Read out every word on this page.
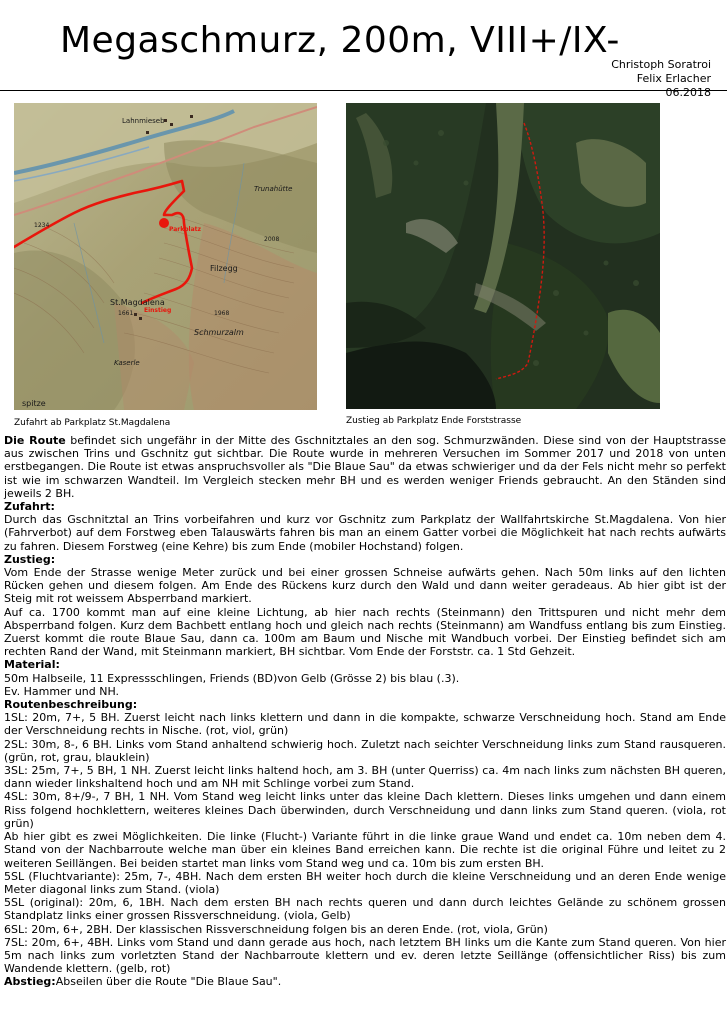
Megaschmurz, 200m, VIII+/IX-
Christoph Soratroi
Felix Erlacher
06.2018
Lahnmieseb
St.Magdalena
Filzegg
Schmurzalm
Kaserle
Trunahütte
spitze
1234
1661	1968
2008
Parkplatz
Einstieg
Zufahrt ab Parkplatz St.Magdalena	Zustieg ab Parkplatz Ende Forststrasse

Die Route befindet sich ungefähr in der Mitte des Gschnitztales an den sog. Schmurzwänden. Diese sind von der Hauptstrasse aus zwischen Trins und Gschnitz gut sichtbar. Die Route wurde in mehreren Versuchen im Sommer 2017 und 2018 von unten erstbegangen. Die Route ist etwas anspruchsvoller als "Die Blaue Sau" da etwas schwieriger und da der Fels nicht mehr so perfekt ist wie im schwarzen Wandteil. Im Vergleich stecken mehr BH und es werden weniger Friends gebraucht. An den Ständen sind jeweils 2 BH.

Zufahrt:

Durch das Gschnitztal an Trins vorbeifahren und kurz vor Gschnitz zum Parkplatz der Wallfahrtskirche St.Magdalena. Von hier (Fahrverbot) auf dem Forstweg eben Talauswärts fahren bis man an einem Gatter vorbei die Möglichkeit hat nach rechts aufwärts zu fahren. Diesem Forstweg (eine Kehre) bis zum Ende (mobiler Hochstand) folgen.

Zustieg:

Vom Ende der Strasse wenige Meter zurück und bei einer grossen Schneise aufwärts gehen. Nach 50m links auf den lichten Rücken gehen und diesem folgen. Am Ende des Rückens kurz durch den Wald und dann weiter geradeaus. Ab hier gibt ist der Steig mit rot weissem Absperrband markiert.

Auf ca. 1700 kommt man auf eine kleine Lichtung, ab hier nach rechts (Steinmann) den Trittspuren und nicht mehr dem Absperrband folgen. Kurz dem Bachbett entlang hoch und gleich nach rechts (Steinmann) am Wandfuss entlang bis zum Einstieg. Zuerst kommt die route Blaue Sau, dann ca. 100m am Baum und Nische mit Wandbuch vorbei. Der Einstieg befindet sich am rechten Rand der Wand, mit Steinmann markiert, BH sichtbar. Vom Ende der Forststr. ca. 1 Std Gehzeit.

Material:

50m Halbseile, 11 Expressschlingen, Friends (BD)von Gelb (Grösse 2) bis blau (.3).

Ev. Hammer und NH.

Routenbeschreibung:

1SL: 20m, 7+, 5 BH. Zuerst leicht nach links klettern und dann in die kompakte, schwarze Verschneidung hoch. Stand am Ende der Verschneidung rechts in Nische. (rot, viol, grün)

2SL: 30m, 8-, 6 BH. Links vom Stand anhaltend schwierig hoch. Zuletzt nach seichter Verschneidung links zum Stand rausqueren. (grün, rot, grau, blauklein)

3SL: 25m, 7+, 5 BH, 1 NH. Zuerst leicht links haltend hoch, am 3. BH (unter Querriss) ca. 4m nach links zum nächsten BH queren, dann wieder linkshaltend hoch und am NH mit Schlinge vorbei zum Stand.

4SL: 30m, 8+/9-, 7 BH, 1 NH. Vom Stand weg leicht links unter das kleine Dach klettern. Dieses links umgehen und dann einem Riss folgend hochklettern, weiteres kleines Dach überwinden, durch Verschneidung und dann links zum Stand queren. (viola, rot grün)

Ab hier gibt es zwei Möglichkeiten. Die linke (Flucht-) Variante führt in die linke graue Wand und endet ca. 10m neben dem 4. Stand von der Nachbarroute welche man über ein kleines Band erreichen kann. Die rechte ist die original Führe und leitet zu 2 weiteren Seillängen. Bei beiden startet man links vom Stand weg und ca. 10m bis zum ersten BH.

5SL (Fluchtvariante): 25m, 7-, 4BH. Nach dem ersten BH weiter hoch durch die kleine Verschneidung und an deren Ende wenige Meter diagonal links zum Stand. (viola)

5SL (original): 20m, 6, 1BH. Nach dem ersten BH nach rechts queren und dann durch leichtes Gelände zu schönem grossen Standplatz links einer grossen Rissverschneidung. (viola, Gelb)

6SL: 20m, 6+, 2BH. Der klassischen Rissverschneidung folgen bis an deren Ende. (rot, viola, Grün)

7SL: 20m, 6+, 4BH. Links vom Stand und dann gerade aus hoch, nach letztem BH links um die Kante zum Stand queren. Von hier 5m nach links zum vorletzten Stand der Nachbarroute klettern und ev. deren letzte Seillänge (offensichtlicher Riss) bis zum Wandende klettern. (gelb, rot)

Abstieg:Abseilen über die Route "Die Blaue Sau".
